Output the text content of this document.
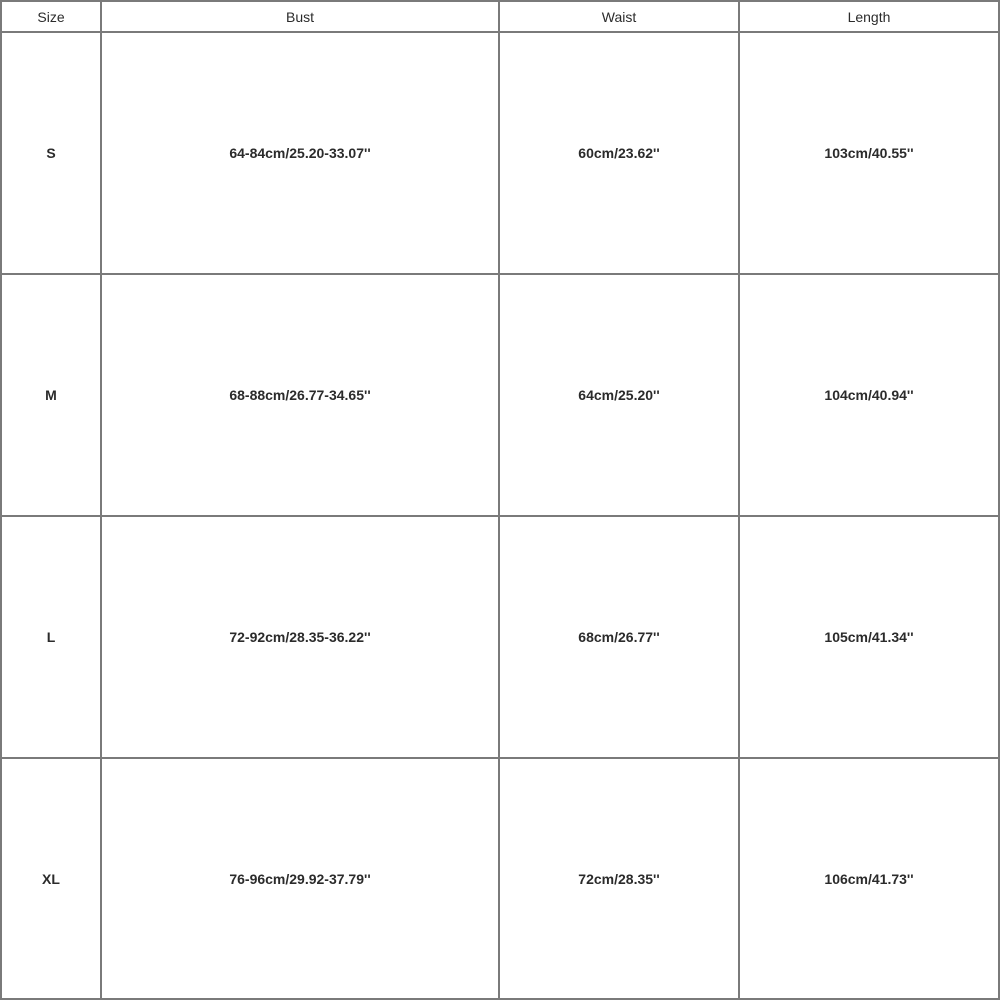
Size	Bust	Waist	Length
S	64-84cm/25.20-33.07''	60cm/23.62''	103cm/40.55''
M	68-88cm/26.77-34.65''	64cm/25.20''	104cm/40.94''
L	72-92cm/28.35-36.22''	68cm/26.77''	105cm/41.34''
XL	76-96cm/29.92-37.79''	72cm/28.35''	106cm/41.73''
